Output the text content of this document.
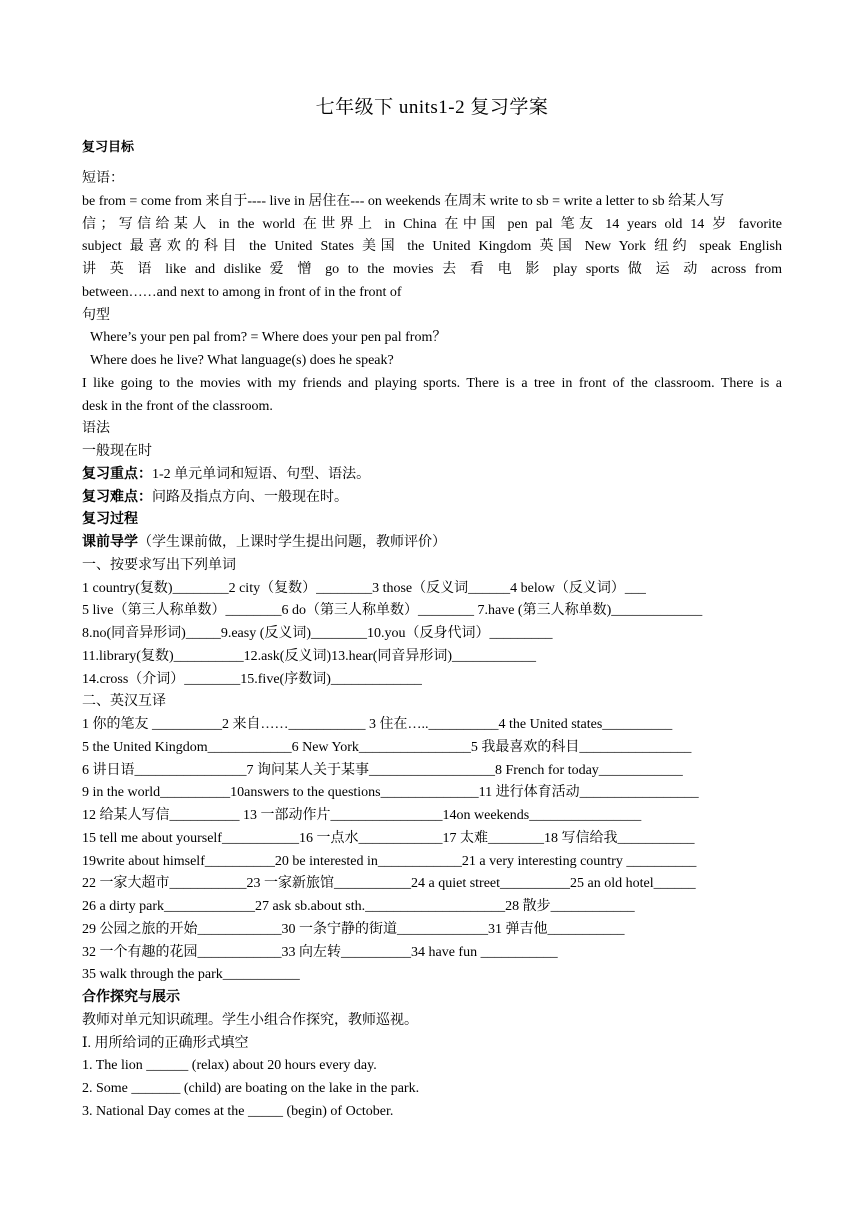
七年级下 units1-2 复习学案
复习目标
短语：
be from = come from 来自于---- live in 居住在--- on weekends 在周末 write to sb = write a letter to sb 给某人写
信；写信给某人 in the world 在世界上 in China 在中国 pen pal 笔友 14 years old 14 岁 favorite
subject 最喜欢的科目 the United States 美国 the United Kingdom 英国 New York 纽约 speak English
讲 英 语 like and dislike 爱 憎 go to the movies 去 看 电 影 play sports 做 运 动 across from
between……and next to among in front of in the front of
句型
Where’s your pen pal from? = Where does your pen pal from？
Where does he live? What language(s) does he speak?
I like going to the movies with my friends and playing sports. There is a tree in front of the classroom. There is a
desk in the front of the classroom.
语法
一般现在时
复习重点：1-2 单元单词和短语、句型、语法。
复习难点：问路及指点方向、一般现在时。
复习过程
课前导学（学生课前做，上课时学生提出问题，教师评价）
一、按要求写出下列单词
1 country(复数)________2 city（复数）________3 those（反义词______4 below（反义词）___
5 live（第三人称单数）________6 do（第三人称单数）________ 7.have (第三人称单数)_____________
8.no(同音异形词)_____9.easy (反义词)________10.you（反身代词）_________
11.library(复数)__________12.ask(反义词)13.hear(同音异形词)____________
14.cross（介词）________15.five(序数词)_____________
二、英汉互译
1 你的笔友 __________2 来自……___________ 3 住在…..__________4 the United states__________
5 the United Kingdom____________6 New York________________5 我最喜欢的科目________________
6 讲日语________________7 询问某人关于某事__________________8 French for today____________
9 in the world__________10answers to the questions______________11 进行体育活动_________________
12 给某人写信__________ 13 一部动作片________________14on weekends________________
15 tell me about yourself___________16 一点水____________17 太难________18 写信给我___________
19write about himself__________20 be interested in____________21 a very interesting country __________
22 一家大超市___________23 一家新旅馆___________24 a quiet street__________25 an old hotel______
26 a dirty park_____________27 ask sb.about sth.____________________28 散步____________
29 公园之旅的开始____________30 一条宁静的街道_____________31 弹吉他___________
32 一个有趣的花园____________33 向左转__________34 have fun ___________
35 walk through the park___________
合作探究与展示
教师对单元知识疏理。学生小组合作探究，教师巡视。
Ⅰ. 用所给词的正确形式填空
1. The lion ______ (relax) about 20 hours every day.
2. Some _______ (child) are boating on the lake in the park.
3. National Day comes at the _____ (begin) of October.
